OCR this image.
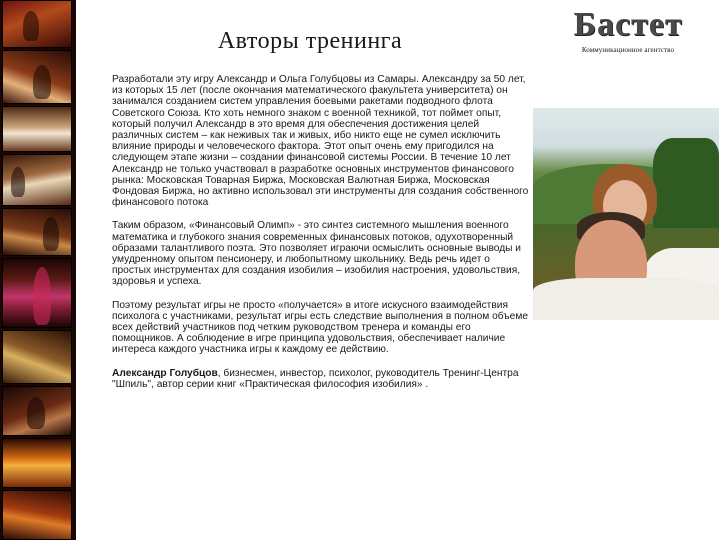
Авторы тренинга	Бастет
Коммуникационное агентство

Разработали эту игру Александр и Ольга Голубцовы из Самары. Александру за 50 лет, из которых 15 лет (после окончания математического факультета университета) он занимался созданием систем управления боевыми ракетами подводного флота Советского Союза. Кто хоть немного знаком с военной техникой, тот поймет опыт, который получил Александр в это время для обеспечения достижения целей различных систем – как неживых так и живых, ибо никто еще не сумел исключить влияние природы и человеческого фактора. Этот опыт очень ему пригодился на следующем этапе жизни – создании финансовой системы России. В течение 10 лет Александр не только участвовал в разработке основных инструментов финансового рынка: Московская Товарная Биржа, Московская Валютная Биржа, Московская Фондовая Биржа, но активно использовал эти инструменты для создания собственного финансового потока

Таким образом, «Финансовый Олимп» - это синтез системного мышления военного математика и глубокого знания современных финансовых потоков, одухотворенный образами талантливого поэта. Это позволяет играючи осмыслить основные выводы и умудренному опытом пенсионеру, и любопытному школьнику. Ведь речь идет о простых инструментах для создания изобилия – изобилия настроения, удовольствия, здоровья и успеха.

Поэтому результат игры не просто «получается» в итоге искусного взаимодействия психолога с участниками, результат игры есть следствие выполнения в полном объеме всех действий участников под четким руководством тренера и команды его помощников. А соблюдение в игре принципа удовольствия, обеспечивает наличие интереса каждого участника игры к каждому ее действию.

Александр Голубцов, бизнесмен, инвестор, психолог, руководитель Тренинг-Центра "Шпиль", автор серии книг «Практическая философия изобилия» .
